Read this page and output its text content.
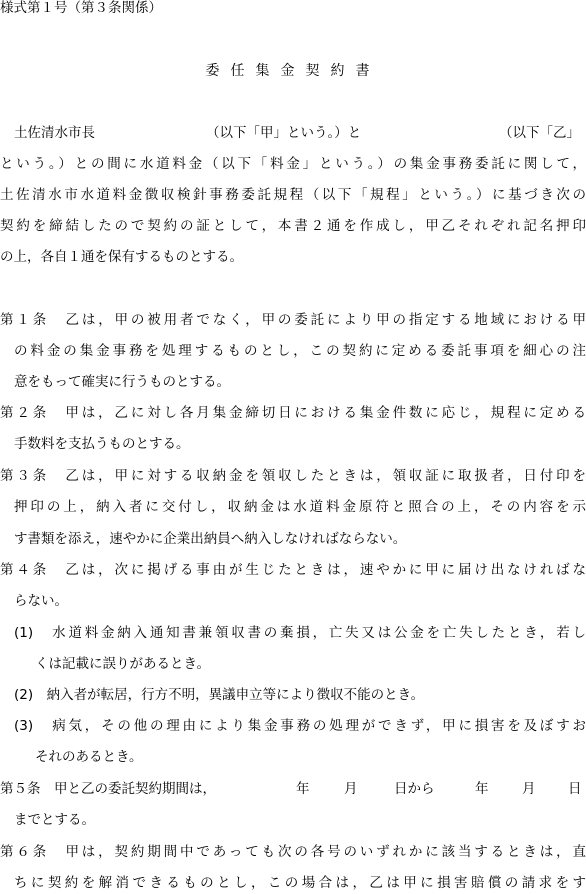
様式第１号（第３条関係）
委任集金契約書
土佐清水市長	（以下「甲」という。）と	（以下「乙」
という。）との間に水道料金（以下「料金」という。）の集金事務委託に関して，
土佐清水市水道料金徴収検針事務委託規程（以下「規程」という。）に基づき次の
契約を締結したので契約の証として，本書２通を作成し，甲乙それぞれ記名押印
の上，各自１通を保有するものとする。
第１条　乙は，甲の被用者でなく，甲の委託により甲の指定する地域における甲
の料金の集金事務を処理するものとし，この契約に定める委託事項を細心の注
意をもって確実に行うものとする。
第２条　甲は，乙に対し各月集金締切日における集金件数に応じ，規程に定める
手数料を支払うものとする。
第３条　乙は，甲に対する収納金を領収したときは，領収証に取扱者，日付印を
押印の上，納入者に交付し，収納金は水道料金原符と照合の上，その内容を示
す書類を添え，速やかに企業出納員へ納入しなければならない。
第４条　乙は，次に掲げる事由が生じたときは，速やかに甲に届け出なければな
らない。
(1)　水道料金納入通知書兼領収書の棄損，亡失又は公金を亡失したとき，若し
くは記載に誤りがあるとき。
(2)　納入者が転居，行方不明，異議申立等により徴収不能のとき。
(3)　病気，その他の理由により集金事務の処理ができず，甲に損害を及ぼすお
それのあるとき。
第５条　甲と乙の委託契約期間は，	年	月	日から	年 月 日
までとする。
第６条　甲は，契約期間中であっても次の各号のいずれかに該当するときは，直
ちに契約を解消できるものとし，この場合は，乙は甲に損害賠償の請求をす
